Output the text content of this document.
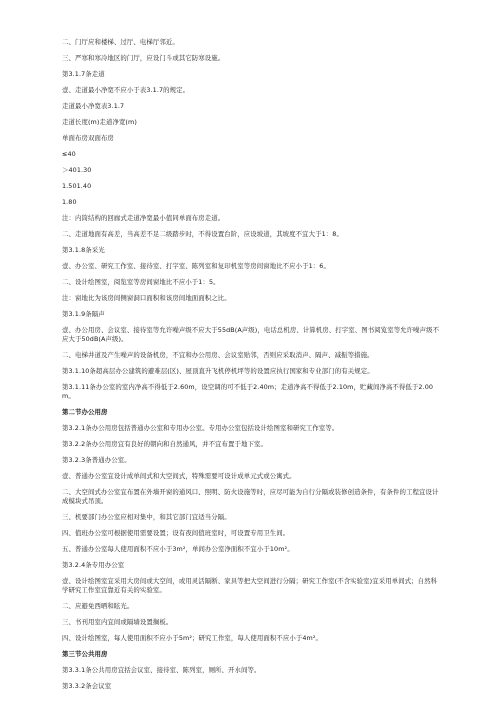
二、门厅应和楼梯、过厅、电梯厅邻近。
三、严寒和寒冷地区的门厅，应设门斗或其它防寒设施。
第3.1.7条走道
壹、走道最小净宽不应小于表3.1.7的规定。
走道最小净宽表3.1.7
走道长度(m)走道净宽(m)
单面布房双面布房
≤40
＞401.30
1.501.40
1.80
注：内筒结构的回廊式走道净宽最小值同单面布房走道。
二、走道地面有高差，当高差不足二级踏步时，不得设置台阶，应设坡道，其坡度不宜大于1：8。
第3.1.8条采光
壹、办公室、研究工作室、接待室、打字室、陈列室和复印机室等房间窗地比不应小于1：6。
二、设计绘图室，阅览室等房间窗地比不应小于1：5。
注：窗地比为该房间侧窗洞口面积和该房间地面面积之比。
第3.1.9条隔声
壹、办公用房、会议室、接待室等允许噪声级不应大于55dB(A声级)，电话总机房、计算机房、打字室、图书阅览室等允许噪声级不应大于50dB(A声级)。
二、电梯井道及产生噪声的设备机房，不宜和办公用房、会议室贴邻，否则应采取消声、隔声、减振等措施。
第3.1.10条超高层办公建筑的避难层(区)、屋顶直升飞机停机坪等的设置应执行国家和专业部门的有关规定。
第3.1.11条办公室的室内净高不得低于2.60m，设空调的可不低于2.40m；走道净高不得低于2.10m，贮藏间净高不得低于2.00m。
第二节办公用房
第3.2.1条办公用房包括普通办公室和专用办公室。专用办公室包括设计绘图室和研究工作室等。
第3.2.2条办公用房宜有良好的朝向和自然通风，并不宜布置于地下室。
第3.2.3条普通办公室。
壹、普通办公室宜设计成单间式和大空间式，特殊需要可设计成单元式或公寓式。
二、大空间式办公室宜布置在外墙开窗的通风口、照明、防火设施等时，应尽可能为自行分隔或装修创造条件，有条件的工程宜设计成模块式吊顶。
三、机要部门办公室应相对集中，和其它部门宜适当分隔。
四、值班办公室可根据使用需要设置；设有夜间值班室时，可设置专用卫生间。
五、普通办公室每人使用面积不应小于3m²，单间办公室净面积不宜小于10m²。
第3.2.4条专用办公室
壹、设计绘图室宜采用大房间或大空间，或用灵活隔断、家具等把大空间进行分隔；研究工作室(不含实验室)宜采用单间式；自然科学研究工作室宜靠近有关的实验室。
二、应避免西晒和眩光。
三、书刊用室内宜间或隔墙设置搁板。
四、设计绘图室，每人使用面积不应小于5m²；研究工作室，每人使用面积不应小于4m²。
第三节公共用房
第3.3.1条公共用房宜括会议室、接待室、陈列室，厕所、开水间等。
第3.3.2条会议室
